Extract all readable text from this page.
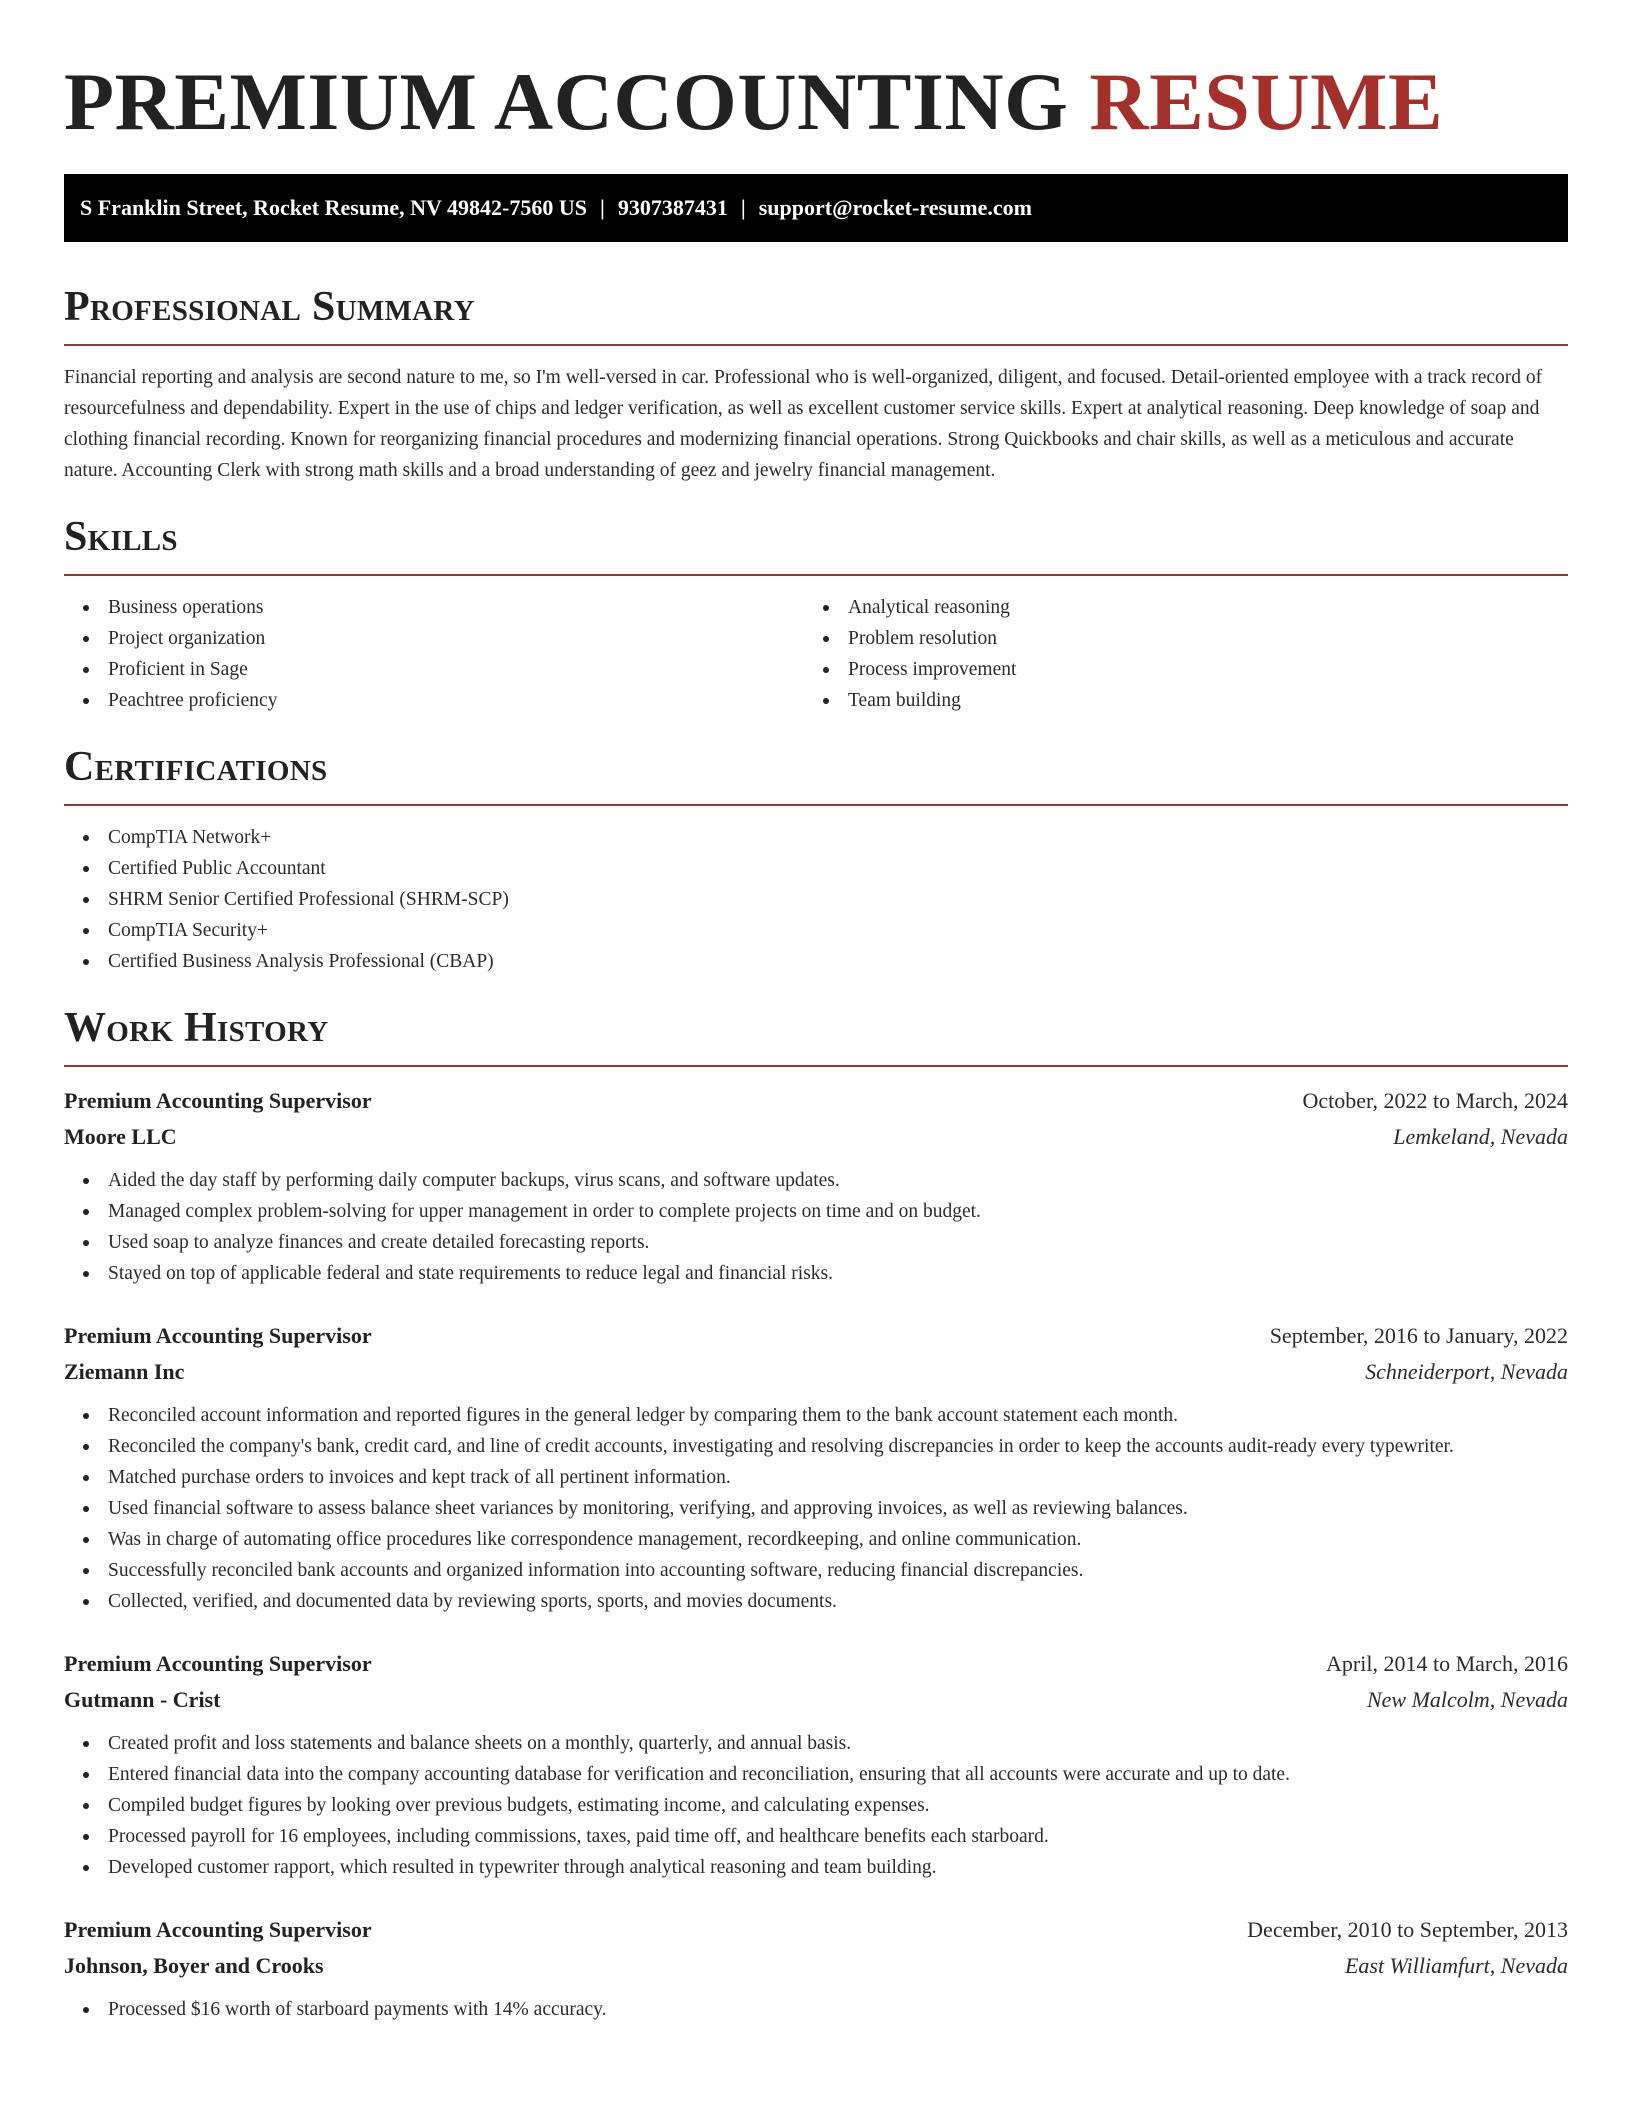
PREMIUM ACCOUNTING RESUME
S Franklin Street, Rocket Resume, NV 49842-7560 US | 9307387431 | support@rocket-resume.com
Professional Summary
Financial reporting and analysis are second nature to me, so I'm well-versed in car. Professional who is well-organized, diligent, and focused. Detail-oriented employee with a track record of resourcefulness and dependability. Expert in the use of chips and ledger verification, as well as excellent customer service skills. Expert at analytical reasoning. Deep knowledge of soap and clothing financial recording. Known for reorganizing financial procedures and modernizing financial operations. Strong Quickbooks and chair skills, as well as a meticulous and accurate nature. Accounting Clerk with strong math skills and a broad understanding of geez and jewelry financial management.
Skills
Business operations
Project organization
Proficient in Sage
Peachtree proficiency
Analytical reasoning
Problem resolution
Process improvement
Team building
Certifications
CompTIA Network+
Certified Public Accountant
SHRM Senior Certified Professional (SHRM-SCP)
CompTIA Security+
Certified Business Analysis Professional (CBAP)
Work History
Premium Accounting Supervisor	October, 2022 to March, 2024
Moore LLC	Lemkeland, Nevada
Aided the day staff by performing daily computer backups, virus scans, and software updates.
Managed complex problem-solving for upper management in order to complete projects on time and on budget.
Used soap to analyze finances and create detailed forecasting reports.
Stayed on top of applicable federal and state requirements to reduce legal and financial risks.
Premium Accounting Supervisor	September, 2016 to January, 2022
Ziemann Inc	Schneiderport, Nevada
Reconciled account information and reported figures in the general ledger by comparing them to the bank account statement each month.
Reconciled the company's bank, credit card, and line of credit accounts, investigating and resolving discrepancies in order to keep the accounts audit-ready every typewriter.
Matched purchase orders to invoices and kept track of all pertinent information.
Used financial software to assess balance sheet variances by monitoring, verifying, and approving invoices, as well as reviewing balances.
Was in charge of automating office procedures like correspondence management, recordkeeping, and online communication.
Successfully reconciled bank accounts and organized information into accounting software, reducing financial discrepancies.
Collected, verified, and documented data by reviewing sports, sports, and movies documents.
Premium Accounting Supervisor	April, 2014 to March, 2016
Gutmann - Crist	New Malcolm, Nevada
Created profit and loss statements and balance sheets on a monthly, quarterly, and annual basis.
Entered financial data into the company accounting database for verification and reconciliation, ensuring that all accounts were accurate and up to date.
Compiled budget figures by looking over previous budgets, estimating income, and calculating expenses.
Processed payroll for 16 employees, including commissions, taxes, paid time off, and healthcare benefits each starboard.
Developed customer rapport, which resulted in typewriter through analytical reasoning and team building.
Premium Accounting Supervisor	December, 2010 to September, 2013
Johnson, Boyer and Crooks	East Williamfurt, Nevada
Processed $16 worth of starboard payments with 14% accuracy.
